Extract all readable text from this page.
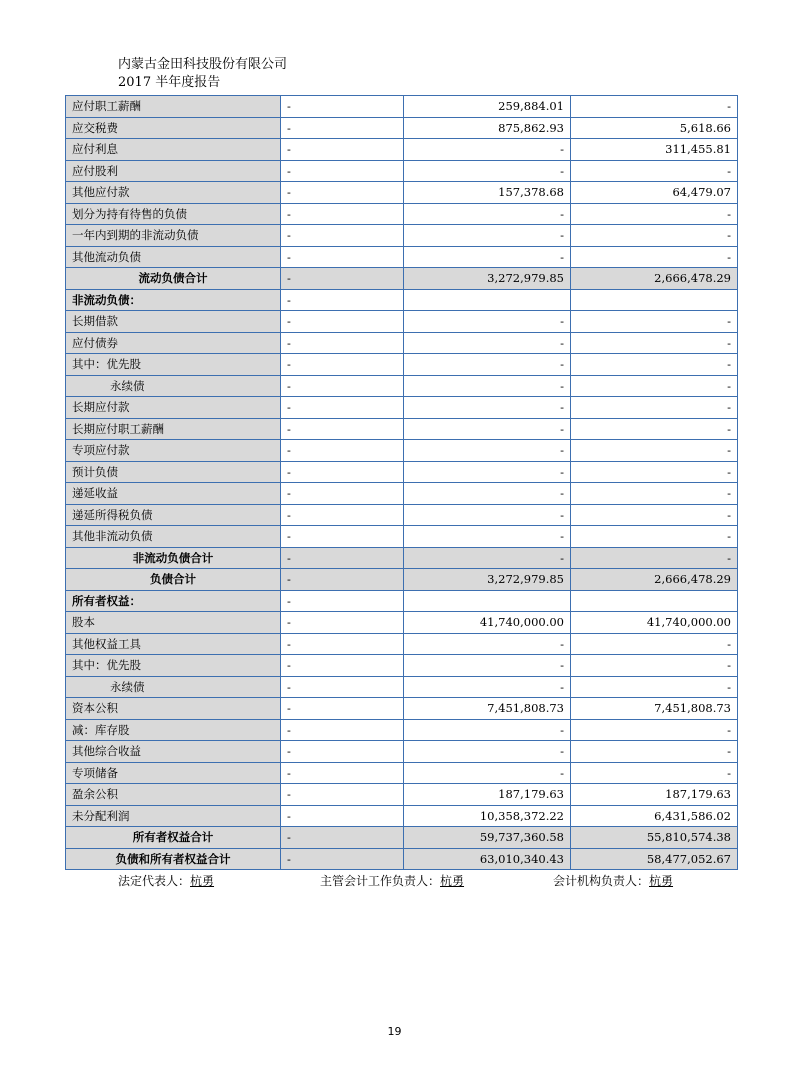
内蒙古金田科技股份有限公司
2017 半年度报告
应付职工薪酬	-	259,884.01	-
应交税费	-	875,862.93	5,618.66
应付利息	-	-	311,455.81
应付股利	-	-	-
其他应付款	-	157,378.68	64,479.07
划分为持有待售的负债	-	-	-
一年内到期的非流动负债	-	-	-
其他流动负债	-	-	-
流动负债合计	-	3,272,979.85	2,666,478.29
非流动负债：	-		
长期借款	-	-	-
应付债券	-	-	-
其中：优先股	-	-	-
永续债	-	-	-
长期应付款	-	-	-
长期应付职工薪酬	-	-	-
专项应付款	-	-	-
预计负债	-	-	-
递延收益	-	-	-
递延所得税负债	-	-	-
其他非流动负债	-	-	-
非流动负债合计	-	-	-
负债合计	-	3,272,979.85	2,666,478.29
所有者权益：	-		
股本	-	41,740,000.00	41,740,000.00
其他权益工具	-	-	-
其中：优先股	-	-	-
永续债	-	-	-
资本公积	-	7,451,808.73	7,451,808.73
减：库存股	-	-	-
其他综合收益	-	-	-
专项储备	-	-	-
盈余公积	-	187,179.63	187,179.63
未分配利润	-	10,358,372.22	6,431,586.02
所有者权益合计	-	59,737,360.58	55,810,574.38
负债和所有者权益合计	-	63,010,340.43	58,477,052.67
法定代表人：杭勇	主管会计工作负责人：杭勇	会计机构负责人：杭勇
19
